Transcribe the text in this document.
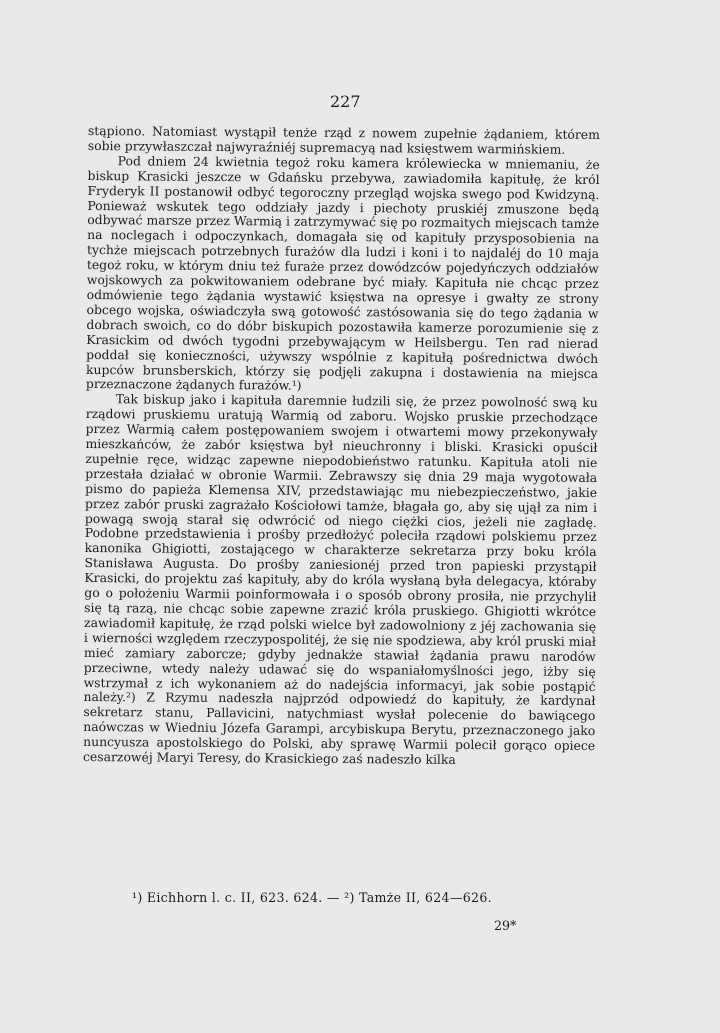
227

stąpiono. Natomiast wystąpił tenże rząd z nowem zupełnie żądaniem, którem sobie przywłaszczał najwyraźniéj supremacyą nad księstwem warmińskiem.

Pod dniem 24 kwietnia tegoż roku kamera królewiecka w mniemaniu, że biskup Krasicki jeszcze w Gdańsku przebywa, zawiadomiła kapitułę, że król Fryderyk II postanowił odbyć tegoroczny przegląd wojska swego pod Kwidzyną. Ponieważ wskutek tego oddziały jazdy i piechoty pruskiéj zmuszone będą odbywać marsze przez Warmią i zatrzymywać się po rozmaitych miejscach tamże na noclegach i odpoczynkach, domagała się od kapituły przysposobienia na tychże miejscach potrzebnych furażów dla ludzi i koni i to najdaléj do 10 maja tegoż roku, w którym dniu też furaże przez dowódzców pojedyńczych oddziałów wojskowych za pokwitowaniem odebrane być miały. Kapituła nie chcąc przez odmówienie tego żądania wystawić księstwa na opresye i gwałty ze strony obcego wojska, oświadczyła swą gotowość zastósowania się do tego żądania w dobrach swoich, co do dóbr biskupich pozostawiła kamerze porozumienie się z Krasickim od dwóch tygodni przebywającym w Heilsbergu. Ten rad nierad poddał się konieczności, używszy wspólnie z kapitułą pośrednictwa dwóch kupców brunsberskich, którzy się podjęli zakupna i dostawienia na miejsca przeznaczone żądanych furażów.¹)

Tak biskup jako i kapituła daremnie łudzili się, że przez powolność swą ku rządowi pruskiemu uratują Warmią od zaboru. Wojsko pruskie przechodzące przez Warmią całem postępowaniem swojem i otwartemi mowy przekonywały mieszkańców, że zabór księstwa był nieuchronny i bliski. Krasicki opuścił zupełnie ręce, widząc zapewne niepodobieństwo ratunku. Kapituła atoli nie przestała działać w obronie Warmii. Zebrawszy się dnia 29 maja wygotowała pismo do papieża Klemensa XIV, przedstawiając mu niebezpieczeństwo, jakie przez zabór pruski zagrażało Kościołowi tamże, błagała go, aby się ujął za nim i powagą swoją starał się odwrócić od niego ciężki cios, jeżeli nie zagładę. Podobne przedstawienia i prośby przedłożyć poleciła rządowi polskiemu przez kanonika Ghigiotti, zostającego w charakterze sekretarza przy boku króla Stanisława Augusta. Do prośby zaniesionéj przed tron papieski przystąpił Krasicki, do projektu zaś kapituły, aby do króla wysłaną była delegacya, któraby go o położeniu Warmii poinformowała i o sposób obrony prosiła, nie przychylił się tą razą, nie chcąc sobie zapewne zrazić króla pruskiego. Ghigiotti wkrótce zawiadomił kapitułę, że rząd polski wielce był zadowolniony z jéj zachowania się i wierności względem rzeczypospolitéj, że się nie spodziewa, aby król pruski miał mieć zamiary zaborcze; gdyby jednakże stawiał żądania prawu narodów przeciwne, wtedy należy udawać się do wspaniałomyślności jego, iżby się wstrzymał z ich wykonaniem aż do nadejścia informacyi, jak sobie postąpić należy.²) Z Rzymu nadeszła najprzód odpowiedź do kapituły, że kardynał sekretarz stanu, Pallavicini, natychmiast wysłał polecenie do bawiącego naówczas w Wiedniu Józefa Garampi, arcybiskupa Berytu, przeznaczonego jako nuncyusza apostolskiego do Polski, aby sprawę Warmii polecił gorąco opiece cesarzowéj Maryi Teresy, do Krasickiego zaś nadeszło kilka

¹) Eichhorn l. c. II, 623. 624. — ²) Tamże II, 624—626.
29*
